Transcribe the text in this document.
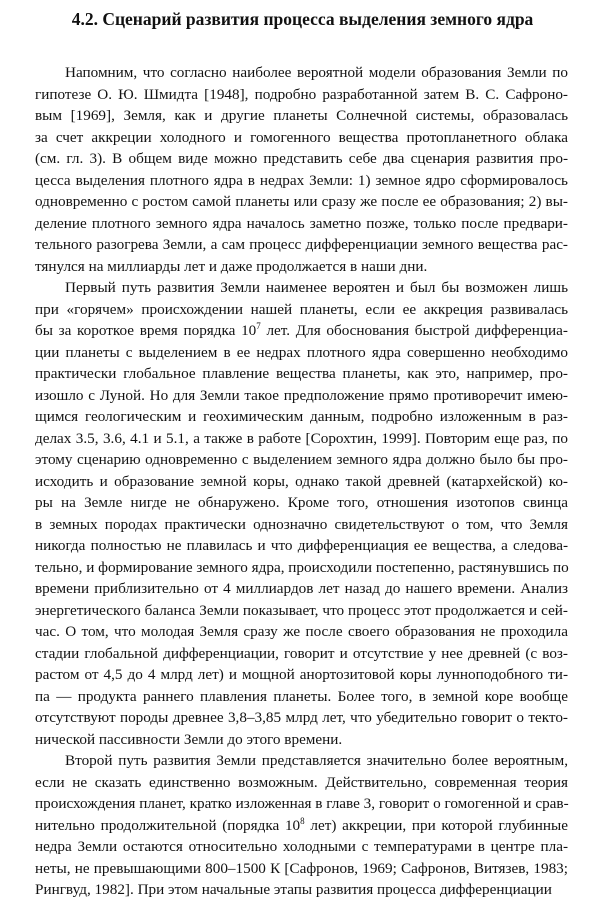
4.2. Сценарий развития процесса выделения земного ядра
Напомним, что согласно наиболее вероятной модели образования Земли по
гипотезе О. Ю. Шмидта [1948], подробно разработанной затем В. С. Сафроно-
вым [1969], Земля, как и другие планеты Солнечной системы, образовалась
за счет аккреции холодного и гомогенного вещества протопланетного облака
(см. гл. 3). В общем виде можно представить себе два сценария развития про-
цесса выделения плотного ядра в недрах Земли: 1) земное ядро сформировалось
одновременно с ростом самой планеты или сразу же после ее образования; 2) вы-
деление плотного земного ядра началось заметно позже, только после предвари-
тельного разогрева Земли, а сам процесс дифференциации земного вещества рас-
тянулся на миллиарды лет и даже продолжается в наши дни.
Первый путь развития Земли наименее вероятен и был бы возможен лишь
при «горячем» происхождении нашей планеты, если ее аккреция развивалась
бы за короткое время порядка $10^7$ лет. Для обоснования быстрой дифференциа-
ции планеты с выделением в ее недрах плотного ядра совершенно необходимо
практически глобальное плавление вещества планеты, как это, например, про-
изошло с Луной. Но для Земли такое предположение прямо противоречит имею-
щимся геологическим и геохимическим данным, подробно изложенным в раз-
делах 3.5, 3.6, 4.1 и 5.1, а также в работе [Сорохтин, 1999]. Повторим еще раз, по
этому сценарию одновременно с выделением земного ядра должно было бы про-
исходить и образование земной коры, однако такой древней (катархейской) ко-
ры на Земле нигде не обнаружено. Кроме того, отношения изотопов свинца
в земных породах практически однозначно свидетельствуют о том, что Земля
никогда полностью не плавилась и что дифференциация ее вещества, а следова-
тельно, и формирование земного ядра, происходили постепенно, растянувшись по
времени приблизительно от 4 миллиардов лет назад до нашего времени. Анализ
энергетического баланса Земли показывает, что процесс этот продолжается и сей-
час. О том, что молодая Земля сразу же после своего образования не проходила
стадии глобальной дифференциации, говорит и отсутствие у нее древней (с воз-
растом от 4,5 до 4 млрд лет) и мощной анортозитовой коры лунноподобного ти-
па — продукта раннего плавления планеты. Более того, в земной коре вообще
отсутствуют породы древнее 3,8–3,85 млрд лет, что убедительно говорит о текто-
нической пассивности Земли до этого времени.
Второй путь развития Земли представляется значительно более вероятным,
если не сказать единственно возможным. Действительно, современная теория
происхождения планет, кратко изложенная в главе 3, говорит о гомогенной и срав-
нительно продолжительной (порядка $10^8$ лет) аккреции, при которой глубинные
недра Земли остаются относительно холодными с температурами в центре пла-
неты, не превышающими 800–1500 К [Сафронов, 1969; Сафронов, Витязев, 1983;
Рингвуд, 1982]. При этом начальные этапы развития процесса дифференциации
